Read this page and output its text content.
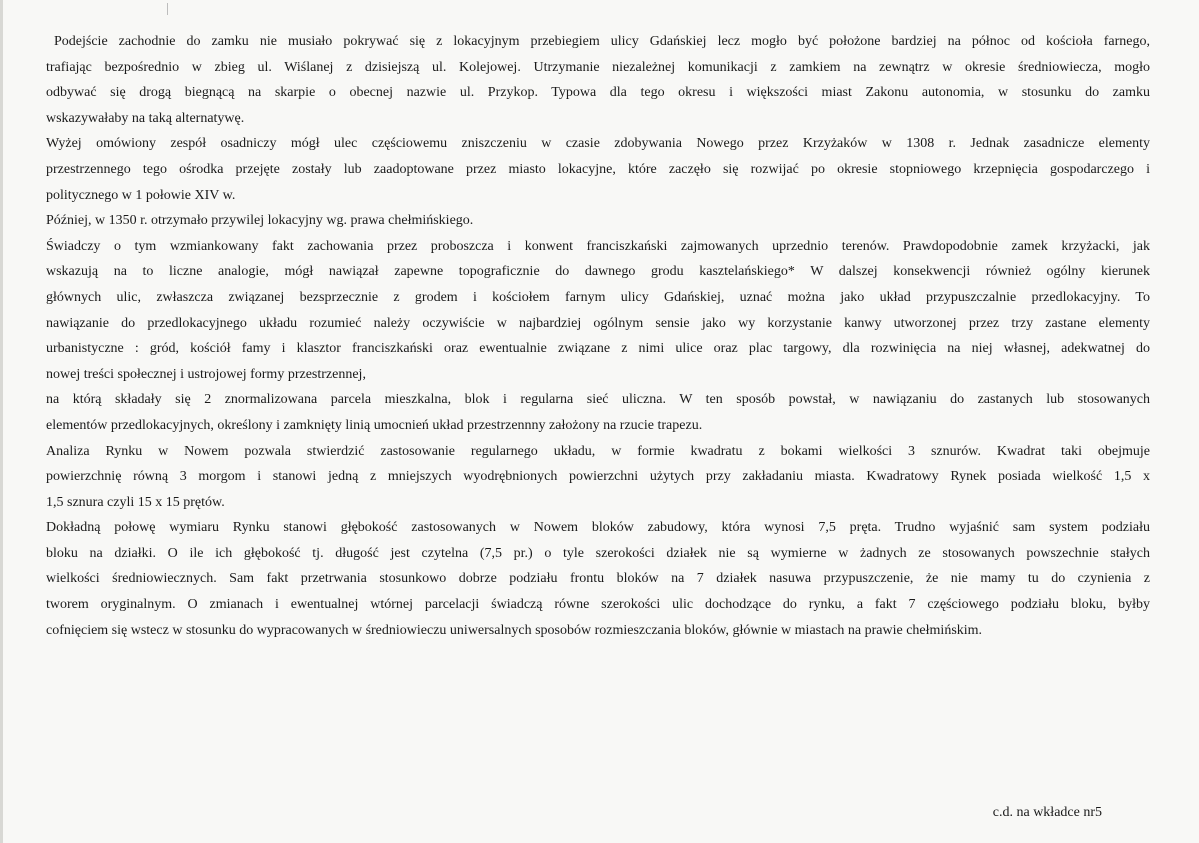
Podejście zachodnie do zamku nie musiało pokrywać się z lokacyjnym przebiegiem ulicy Gdańskiej lecz mogło być położone bardziej na północ od kościoła farnego,
trafiając bezpośrednio w zbieg ul. Wiślanej z dzisiejszą ul. Kolejowej. Utrzymanie niezależnej komunikacji z zamkiem na zewnątrz w okresie średniowiecza, mogło
odbywać się drogą biegnącą na skarpie o obecnej nazwie ul. Przykop. Typowa dla tego okresu i większości miast Zakonu autonomia, w stosunku do zamku
wskazywałaby na taką alternatywę.
Wyżej omówiony zespół osadniczy mógł ulec częściowemu zniszczeniu w czasie zdobywania Nowego przez Krzyżaków w 1308 r. Jednak zasadnicze elementy
przestrzennego tego ośrodka przejęte zostały lub zaadoptowane przez miasto lokacyjne, które zaczęło się rozwijać po okresie stopniowego krzepnięcia gospodarczego i
politycznego w 1 połowie XIV w.
Później, w 1350 r. otrzymało przywilej lokacyjny wg. prawa chełmińskiego.
Świadczy o tym wzmiankowany fakt zachowania przez proboszcza i konwent franciszkański zajmowanych uprzednio terenów. Prawdopodobnie zamek krzyżacki, jak
wskazują na to liczne analogie, mógł nawiązał zapewne topograficznie do dawnego grodu kasztelańskiego* W dalszej konsekwencji również ogólny kierunek
głównych ulic, zwłaszcza związanej bezsprzecznie z grodem i kościołem farnym ulicy Gdańskiej, uznać można jako układ przypuszczalnie przedlokacyjny. To
nawiązanie do przedlokacyjnego układu rozumieć należy oczywiście w najbardziej ogólnym sensie jako wy korzystanie kanwy utworzonej przez trzy zastane elementy
urbanistyczne : gród, kościół famy i klasztor franciszkański oraz ewentualnie związane z nimi ulice oraz plac targowy, dla rozwinięcia na niej własnej, adekwatnej do
nowej treści społecznej i ustrojowej formy przestrzennej,
na którą składały się 2 znormalizowana parcela mieszkalna, blok i regularna sieć uliczna. W ten sposób powstał, w nawiązaniu do zastanych lub stosowanych
elementów przedlokacyjnych, określony i zamknięty linią umocnień układ przestrzennny założony na rzucie trapezu.
Analiza Rynku w Nowem pozwala stwierdzić zastosowanie regularnego układu, w formie kwadratu z bokami wielkości 3 sznurów. Kwadrat taki obejmuje
powierzchnię równą 3 morgom i stanowi jedną z mniejszych wyodrębnionych powierzchni użytych przy zakładaniu miasta. Kwadratowy Rynek posiada wielkość 1,5 x
1,5 sznura czyli 15 x 15 prętów.
Dokładną połowę wymiaru Rynku stanowi głębokość zastosowanych w Nowem bloków zabudowy, która wynosi 7,5 pręta. Trudno wyjaśnić sam system podziału
bloku na działki. O ile ich głębokość tj. długość jest czytelna (7,5 pr.) o tyle szerokości działek nie są wymierne w żadnych ze stosowanych powszechnie stałych
wielkości średniowiecznych. Sam fakt przetrwania stosunkowo dobrze podziału frontu bloków na 7 działek nasuwa przypuszczenie, że nie mamy tu do czynienia z
tworem oryginalnym. O zmianach i ewentualnej wtórnej parcelacji świadczą równe szerokości ulic dochodzące do rynku, a fakt 7 częściowego podziału bloku, byłby
cofnięciem się wstecz w stosunku do wypracowanych w średniowieczu uniwersalnych sposobów rozmieszczania bloków, głównie w miastach na prawie chełmińskim.
c.d. na wkładce nr5
